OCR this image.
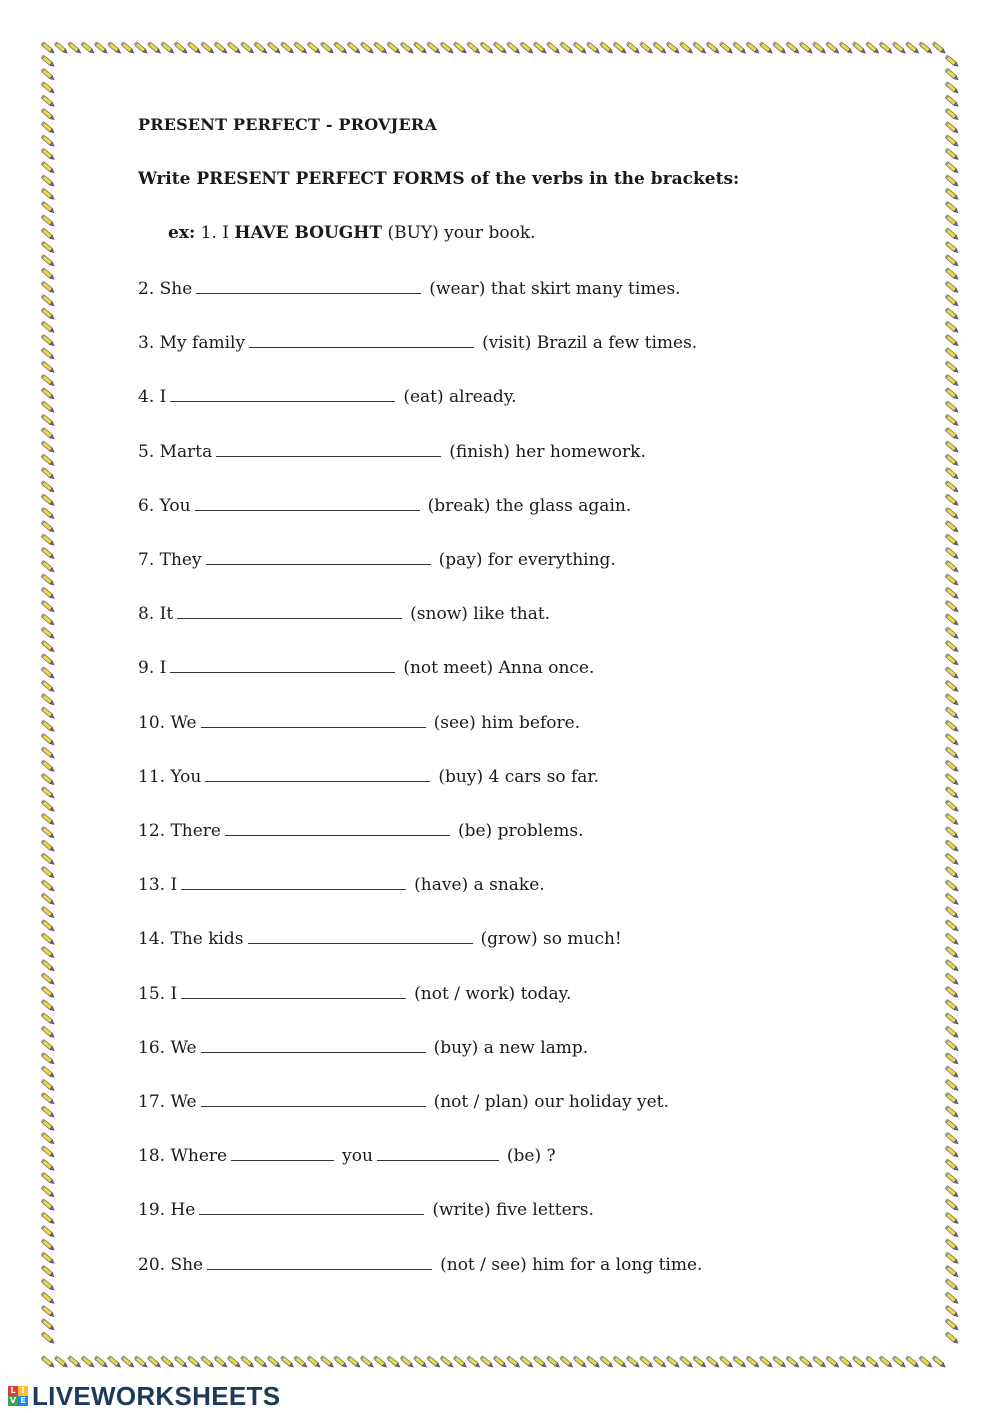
PRESENT PERFECT - PROVJERA
Write PRESENT PERFECT FORMS of the verbs in the brackets:
ex: 1. I HAVE BOUGHT (BUY) your book.
2. She	(wear) that skirt many times.
3. My family	(visit) Brazil a few times.
4. I	(eat) already.
5. Marta	(finish) her homework.
6. You	(break) the glass again.
7. They	(pay) for everything.
8. It	(snow) like that.
9. I	(not meet) Anna once.
10. We	(see) him before.
11. You	(buy) 4 cars so far.
12. There	(be) problems.
13. I	(have) a snake.
14. The kids	(grow) so much!
15. I	(not / work) today.
16. We	(buy) a new lamp.
17. We	(not / plan) our holiday yet.
18. Where	you	(be) ?
19. He	(write) five letters.
20. She	(not / see) him for a long time.
L I
V E LIVEWORKSHEETS
